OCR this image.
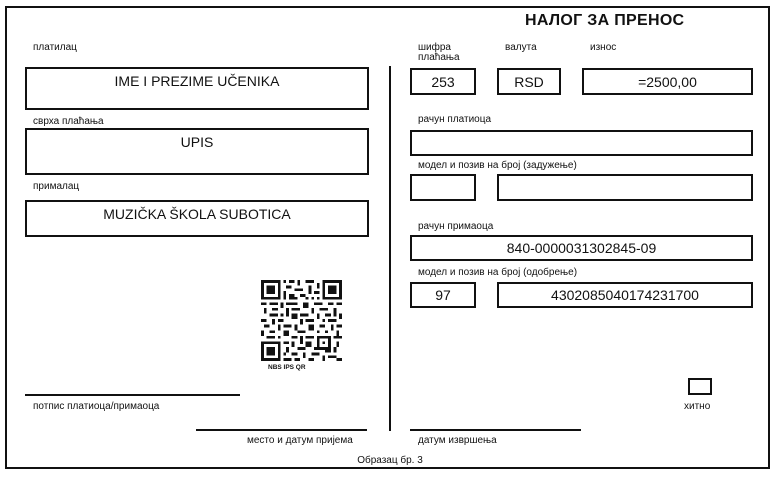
НАЛОГ ЗА ПРЕНОС
платилац
IME I PREZIME UČENIKA
сврха плаћања
UPIS
прималац
MUZIČKA ŠKOLA SUBOTICA
NBS IPS QR
потпис платиоца/примаоца
шифра
плаћања
валута	износ
253	RSD	=2500,00
рачун платиоца
модел и позив на број (задужење)
рачун примаоца
840-0000031302845-09
модел и позив на број (одобрење)
97	4302085040174231700
хитно
место и датум пријема	датум извршења
Образац бр. 3
